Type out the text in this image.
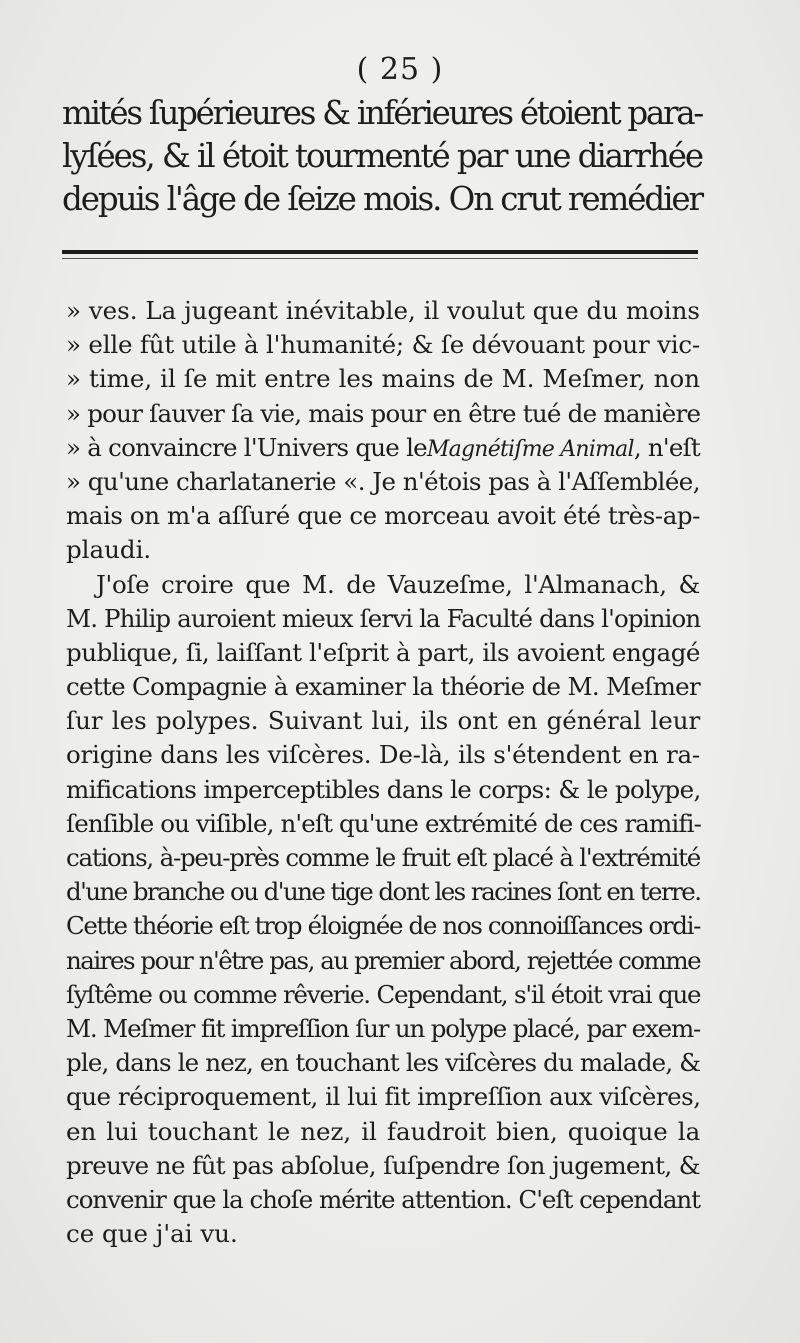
( 25 )
mités ſupérieures & inférieures étoient para-
lyſées, & il étoit tourmenté par une diarrhée
depuis l'âge de ſeize mois. On crut remédier
» ves. La jugeant inévitable, il voulut que du moins
» elle fût utile à l'humanité; & ſe dévouant pour vic-
» time, il ſe mit entre les mains de M. Meſmer, non
» pour ſauver ſa vie, mais pour en être tué de manière
» à convaincre l'Univers que leMagnétiſme Animal, n'eſt
» qu'une charlatanerie «. Je n'étois pas à l'Aſſemblée,
mais on m'a aſſuré que ce morceau avoit été très-ap-
plaudi.
J'oſe croire que M. de Vauzeſme, l'Almanach, &
M. Philip auroient mieux ſervi la Faculté dans l'opinion
publique, ſi, laiſſant l'eſprit à part, ils avoient engagé
cette Compagnie à examiner la théorie de M. Meſmer
ſur les polypes. Suivant lui, ils ont en général leur
origine dans les viſcères. De-là, ils s'étendent en ra-
mifications imperceptibles dans le corps: & le polype,
ſenſible ou viſible, n'eſt qu'une extrémité de ces ramifi-
cations, à-peu-près comme le fruit eſt placé à l'extrémité
d'une branche ou d'une tige dont les racines ſont en terre.
Cette théorie eſt trop éloignée de nos connoiſſances ordi-
naires pour n'être pas, au premier abord, rejettée comme
ſyſtême ou comme rêverie. Cependant, s'il étoit vrai que
M. Meſmer fit impreſſion ſur un polype placé, par exem-
ple, dans le nez, en touchant les viſcères du malade, &
que réciproquement, il lui fit impreſſion aux viſcères,
en lui touchant le nez, il faudroit bien, quoique la
preuve ne fût pas abſolue, ſuſpendre ſon jugement, &
convenir que la choſe mérite attention. C'eſt cependant
ce que j'ai vu.
